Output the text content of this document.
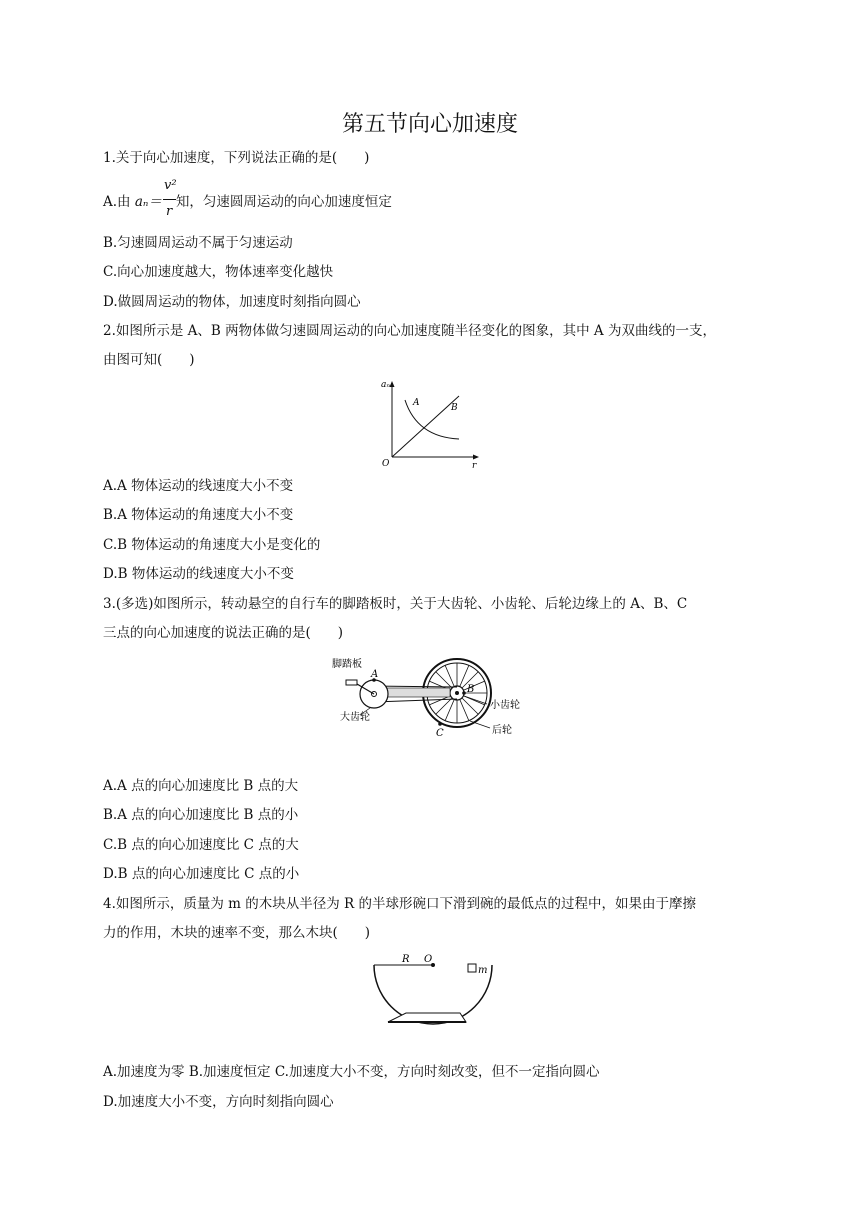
第五节向心加速度
1.关于向心加速度，下列说法正确的是(　　)
A.由 aₙ＝ 知，匀速圆周运动的向心加速度恒定
v²
r
B.匀速圆周运动不属于匀速运动
C.向心加速度越大，物体速率变化越快
D.做圆周运动的物体，加速度时刻指向圆心
2.如图所示是 A、B 两物体做匀速圆周运动的向心加速度随半径变化的图象，其中 A 为双曲线的一支，
由图可知(　　)
aₙ
r
O
A	B
A.A 物体运动的线速度大小不变
B.A 物体运动的角速度大小不变
C.B 物体运动的角速度大小是变化的
D.B 物体运动的线速度大小不变
3.(多选)如图所示，转动悬空的自行车的脚踏板时，关于大齿轮、小齿轮、后轮边缘上的 A、B、C
三点的向心加速度的说法正确的是(　　)
脚踏板
大齿轮
小齿轮
后轮
A
B
C
A.A 点的向心加速度比 B 点的大
B.A 点的向心加速度比 B 点的小
C.B 点的向心加速度比 C 点的大
D.B 点的向心加速度比 C 点的小
4.如图所示，质量为 m 的木块从半径为 R 的半球形碗口下滑到碗的最低点的过程中，如果由于摩擦
力的作用，木块的速率不变，那么木块(　　)
R O
m
A.加速度为零 B.加速度恒定 C.加速度大小不变，方向时刻改变，但不一定指向圆心
D.加速度大小不变，方向时刻指向圆心
